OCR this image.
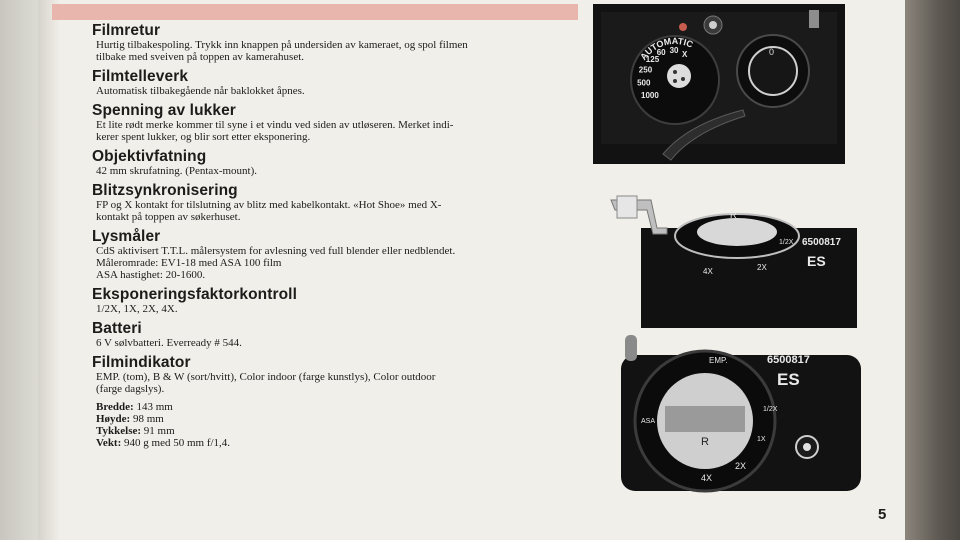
Filmretur
Hurtig tilbakespoling. Trykk inn knappen på undersiden av kameraet, og spol filmen
tilbake med sveiven på toppen av kamerahuset.
Filmtelleverk
Automatisk tilbakegående når baklokket åpnes.
Spenning av lukker
Et lite rødt merke kommer til syne i et vindu ved siden av utløseren. Merket indi-
kerer spent lukker, og blir sort etter eksponering.
Objektivfatning
42 mm skrufatning. (Pentax-mount).
Blitzsynkronisering
FP og X kontakt for tilslutning av blitz med kabelkontakt. «Hot Shoe» med X-
kontakt på toppen av søkerhuset.
Lysmåler
CdS aktivisert T.T.L. målersystem for avlesning ved full blender eller nedblendet.
Måleromrade: EV1-18 med ASA 100 film
ASA hastighet: 20-1600.
Eksponeringsfaktorkontroll
1/2X, 1X, 2X, 4X.
Batteri
6 V sølvbatteri. Everready # 544.
Filmindikator
EMP. (tom), B & W (sort/hvitt), Color indoor (farge kunstlys), Color outdoor
(farge dagslys).
Bredde: 143 mm
Høyde: 98 mm
Tykkelse: 91 mm
Vekt: 940 g med 50 mm f/1,4.
AUTOMATIC
1000
500
250
125
60 30 X	0
R
4X	2X
1/2X 6500817
ES
R
EMP.
ASA
4X
2X
1X
1/2X
6500817
ES
5
